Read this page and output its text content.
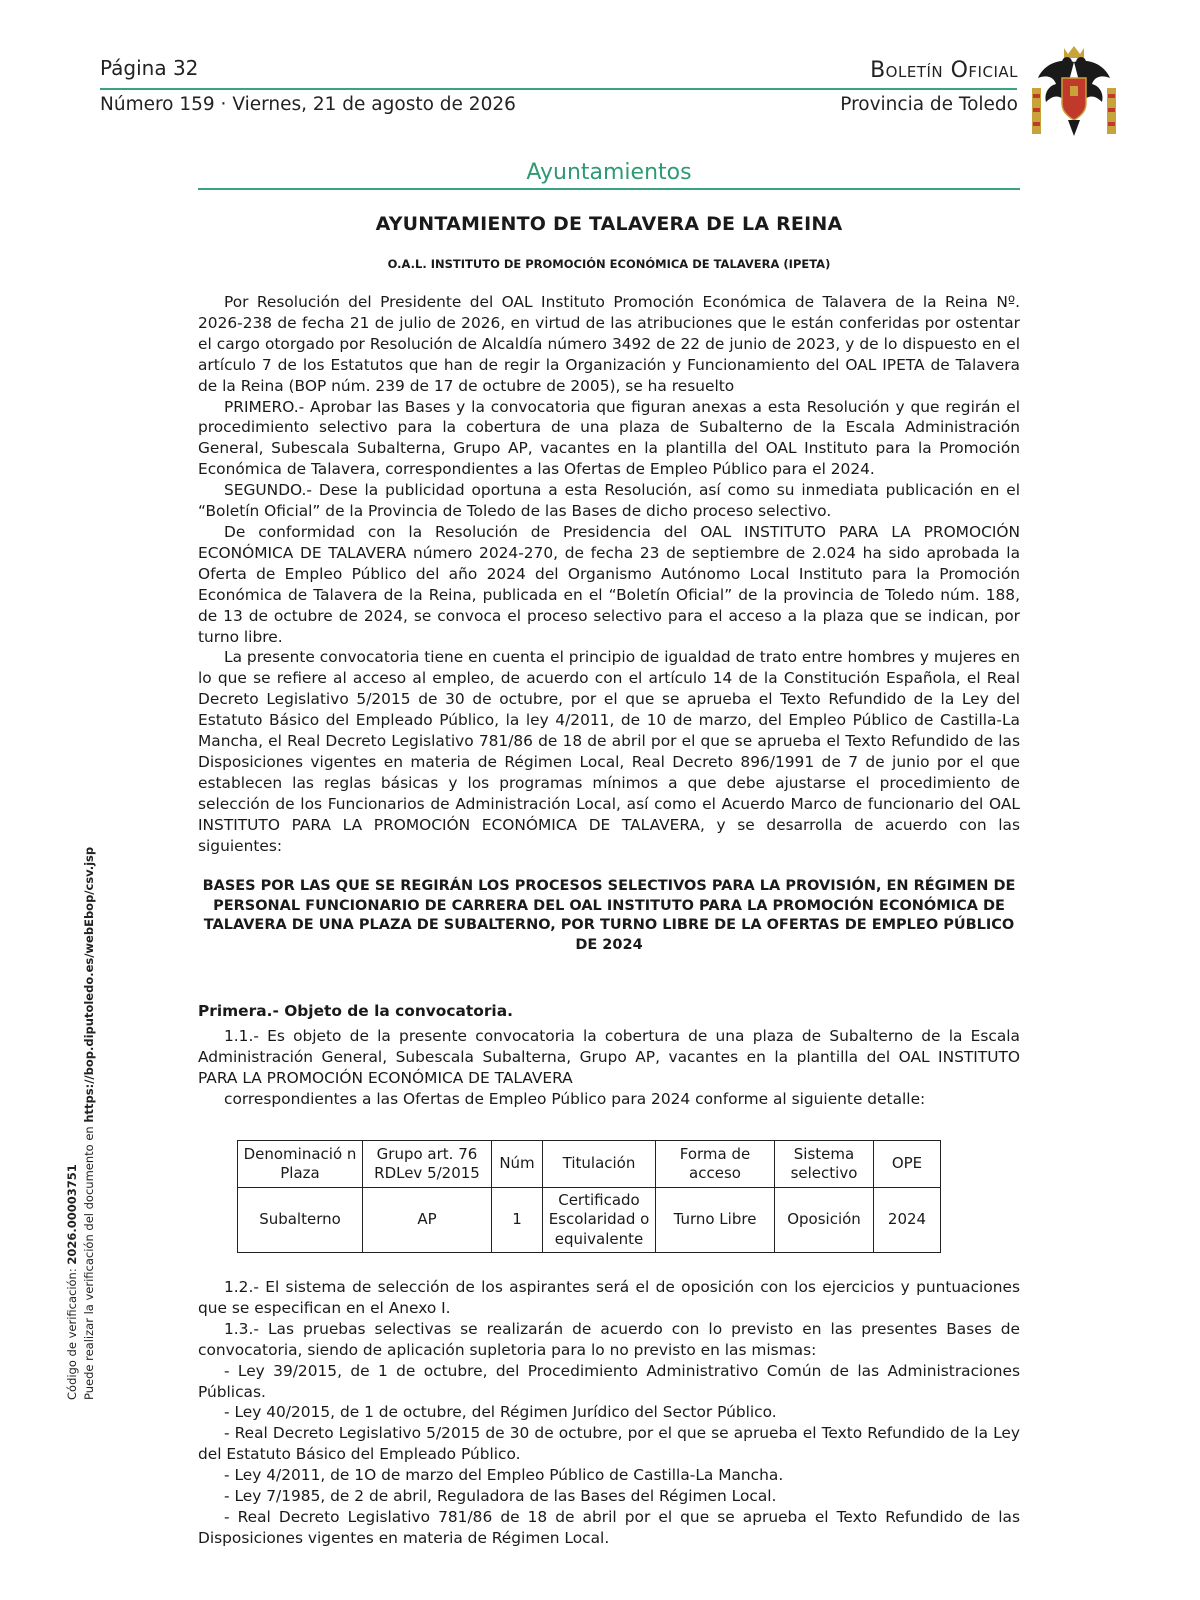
Página 32
Número 159 · Viernes, 21 de agosto de 2026
Boletín Oficial
Provincia de Toledo
Ayuntamientos
AYUNTAMIENTO DE TALAVERA DE LA REINA
O.A.L. INSTITUTO DE PROMOCIÓN ECONÓMICA DE TALAVERA (IPETA)

Por Resolución del Presidente del OAL Instituto Promoción Económica de Talavera de la Reina Nº. 2026-238 de fecha 21 de julio de 2026, en virtud de las atribuciones que le están conferidas por ostentar el cargo otorgado por Resolución de Alcaldía número 3492 de 22 de junio de 2023, y de lo dispuesto en el artículo 7 de los Estatutos que han de regir la Organización y Funcionamiento del OAL IPETA de Talavera de la Reina (BOP núm. 239 de 17 de octubre de 2005), se ha resuelto

PRIMERO.- Aprobar las Bases y la convocatoria que figuran anexas a esta Resolución y que regirán el procedimiento selectivo para la cobertura de una plaza de Subalterno de la Escala Administración General, Subescala Subalterna, Grupo AP, vacantes en la plantilla del OAL Instituto para la Promoción Económica de Talavera, correspondientes a las Ofertas de Empleo Público para el 2024.

SEGUNDO.- Dese la publicidad oportuna a esta Resolución, así como su inmediata publicación en el “Boletín Oficial” de la Provincia de Toledo de las Bases de dicho proceso selectivo.

De conformidad con la Resolución de Presidencia del OAL INSTITUTO PARA LA PROMOCIÓN ECONÓMICA DE TALAVERA número 2024-270, de fecha 23 de septiembre de 2.024 ha sido aprobada la Oferta de Empleo Público del año 2024 del Organismo Autónomo Local Instituto para la Promoción Económica de Talavera de la Reina, publicada en el “Boletín Oficial” de la provincia de Toledo núm. 188, de 13 de octubre de 2024, se convoca el proceso selectivo para el acceso a la plaza que se indican, por turno libre.

La presente convocatoria tiene en cuenta el principio de igualdad de trato entre hombres y mujeres en lo que se refiere al acceso al empleo, de acuerdo con el artículo 14 de la Constitución Española, el Real Decreto Legislativo 5/2015 de 30 de octubre, por el que se aprueba el Texto Refundido de la Ley del Estatuto Básico del Empleado Público, la ley 4/2011, de 10 de marzo, del Empleo Público de Castilla-La Mancha, el Real Decreto Legislativo 781/86 de 18 de abril por el que se aprueba el Texto Refundido de las Disposiciones vigentes en materia de Régimen Local, Real Decreto 896/1991 de 7 de junio por el que establecen las reglas básicas y los programas mínimos a que debe ajustarse el procedimiento de selección de los Funcionarios de Administración Local, así como el Acuerdo Marco de funcionario del OAL INSTITUTO PARA LA PROMOCIÓN ECONÓMICA DE TALAVERA, y se desarrolla de acuerdo con las siguientes:

BASES POR LAS QUE SE REGIRÁN LOS PROCESOS SELECTIVOS PARA LA PROVISIÓN, EN RÉGIMEN DE PERSONAL FUNCIONARIO DE CARRERA DEL OAL INSTITUTO PARA LA PROMOCIÓN ECONÓMICA DE TALAVERA DE UNA PLAZA DE SUBALTERNO, POR TURNO LIBRE DE LA OFERTAS DE EMPLEO PÚBLICO DE 2024

Primera.- Objeto de la convocatoria.

1.1.- Es objeto de la presente convocatoria la cobertura de una plaza de Subalterno de la Escala Administración General, Subescala Subalterna, Grupo AP, vacantes en la plantilla del OAL INSTITUTO PARA LA PROMOCIÓN ECONÓMICA DE TALAVERA

correspondientes a las Ofertas de Empleo Público para 2024 conforme al siguiente detalle:

Denominació n Plaza	Grupo art. 76 RDLev 5/2015	Núm	Titulación	Forma de acceso	Sistema selectivo	OPE
Subalterno	AP	1	Certificado Escolaridad o equivalente	Turno Libre	Oposición	2024

1.2.- El sistema de selección de los aspirantes será el de oposición con los ejercicios y puntuaciones que se especifican en el Anexo I.

1.3.- Las pruebas selectivas se realizarán de acuerdo con lo previsto en las presentes Bases de convocatoria, siendo de aplicación supletoria para lo no previsto en las mismas:

- Ley 39/2015, de 1 de octubre, del Procedimiento Administrativo Común de las Administraciones Públicas.

- Ley 40/2015, de 1 de octubre, del Régimen Jurídico del Sector Público.

- Real Decreto Legislativo 5/2015 de 30 de octubre, por el que se aprueba el Texto Refundido de la Ley del Estatuto Básico del Empleado Público.

- Ley 4/2011, de 1O de marzo del Empleo Público de Castilla-La Mancha.

- Ley 7/1985, de 2 de abril, Reguladora de las Bases del Régimen Local.

- Real Decreto Legislativo 781/86 de 18 de abril por el que se aprueba el Texto Refundido de las Disposiciones vigentes en materia de Régimen Local.

Código de verificación: 2026.00003751 Puede realizar la verificación del documento en https://bop.diputoledo.es/webEbop/csv.jsp
